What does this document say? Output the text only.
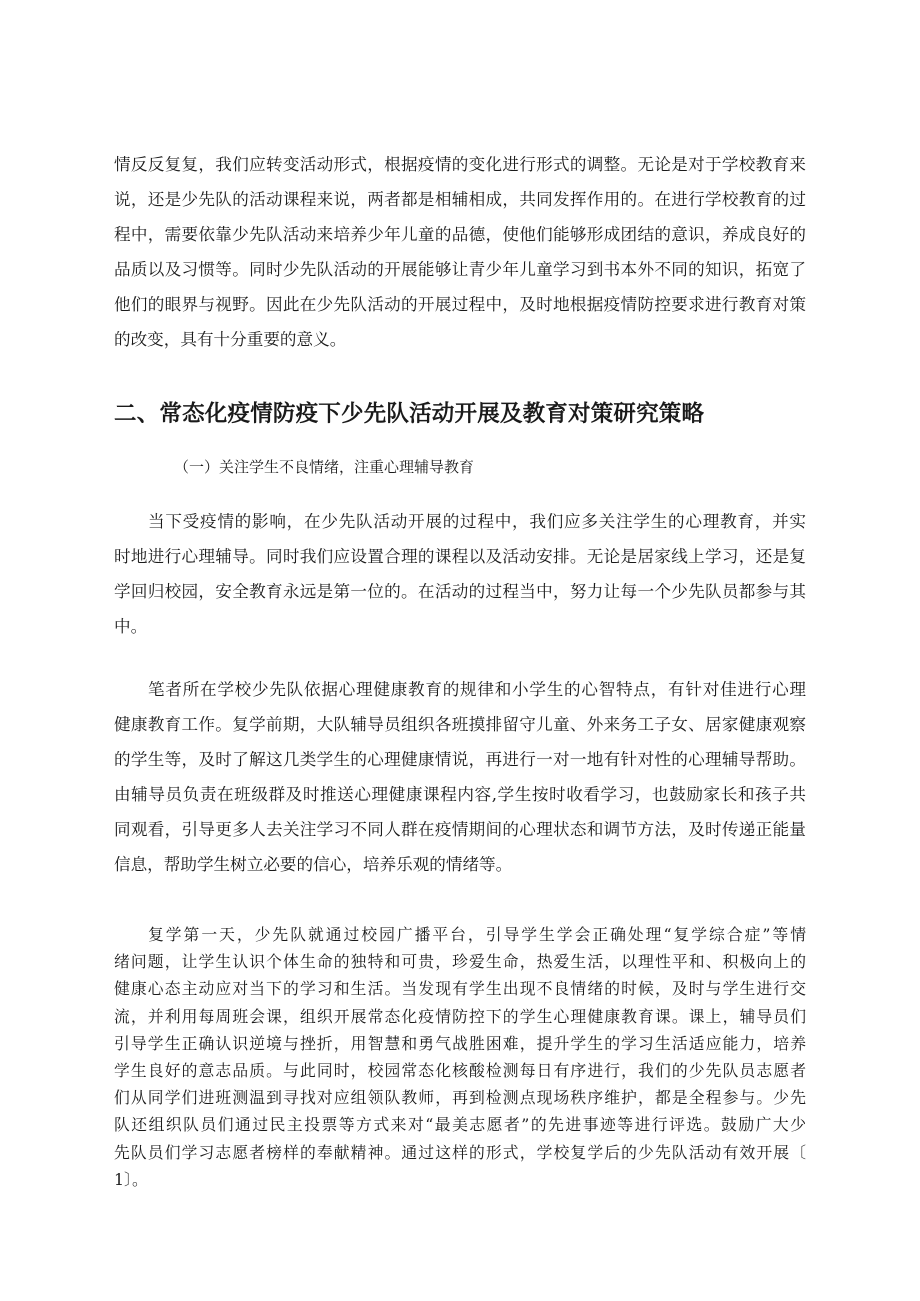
情反反复复，我们应转变活动形式，根据疫情的变化进行形式的调整。无论是对于学校教育来
说，还是少先队的活动课程来说，两者都是相辅相成，共同发挥作用的。在进行学校教育的过
程中，需要依靠少先队活动来培养少年儿童的品德，使他们能够形成团结的意识，养成良好的
品质以及习惯等。同时少先队活动的开展能够让青少年儿童学习到书本外不同的知识，拓宽了
他们的眼界与视野。因此在少先队活动的开展过程中，及时地根据疫情防控要求进行教育对策
的改变，具有十分重要的意义。
二、常态化疫情防疫下少先队活动开展及教育对策研究策略
（一）关注学生不良情绪，注重心理辅导教育
当下受疫情的影响，在少先队活动开展的过程中，我们应多关注学生的心理教育，并实
时地进行心理辅导。同时我们应设置合理的课程以及活动安排。无论是居家线上学习，还是复
学回归校园，安全教育永远是第一位的。在活动的过程当中，努力让每一个少先队员都参与其
中。
笔者所在学校少先队依据心理健康教育的规律和小学生的心智特点，有针对佳进行心理
健康教育工作。复学前期，大队辅导员组织各班摸排留守儿童、外来务工子女、居家健康观察
的学生等，及时了解这几类学生的心理健康情说，再进行一对一地有针对性的心理辅导帮助。
由辅导员负责在班级群及时推送心理健康课程内容,学生按时收看学习，也鼓励家长和孩子共
同观看，引导更多人去关注学习不同人群在疫情期间的心理状态和调节方法，及时传递正能量
信息，帮助学生树立必要的信心，培养乐观的情绪等。
复学第一天，少先队就通过校园广播平台，引导学生学会正确处理“复学综合症”等情
绪问题，让学生认识个体生命的独特和可贵，珍爱生命，热爱生活，以理性平和、积极向上的
健康心态主动应对当下的学习和生活。当发现有学生出现不良情绪的时候，及时与学生进行交
流，并利用每周班会课，组织开展常态化疫情防控下的学生心理健康教育课。课上，辅导员们
引导学生正确认识逆境与挫折，用智慧和勇气战胜困难，提升学生的学习生活适应能力，培养
学生良好的意志品质。与此同时，校园常态化核酸检测每日有序进行，我们的少先队员志愿者
们从同学们进班测温到寻找对应组领队教师，再到检测点现场秩序维护，都是全程参与。少先
队还组织队员们通过民主投票等方式来对“最美志愿者”的先进事迹等进行评选。鼓励广大少
先队员们学习志愿者榜样的奉献精神。通过这样的形式，学校复学后的少先队活动有效开展〔
1〕。
